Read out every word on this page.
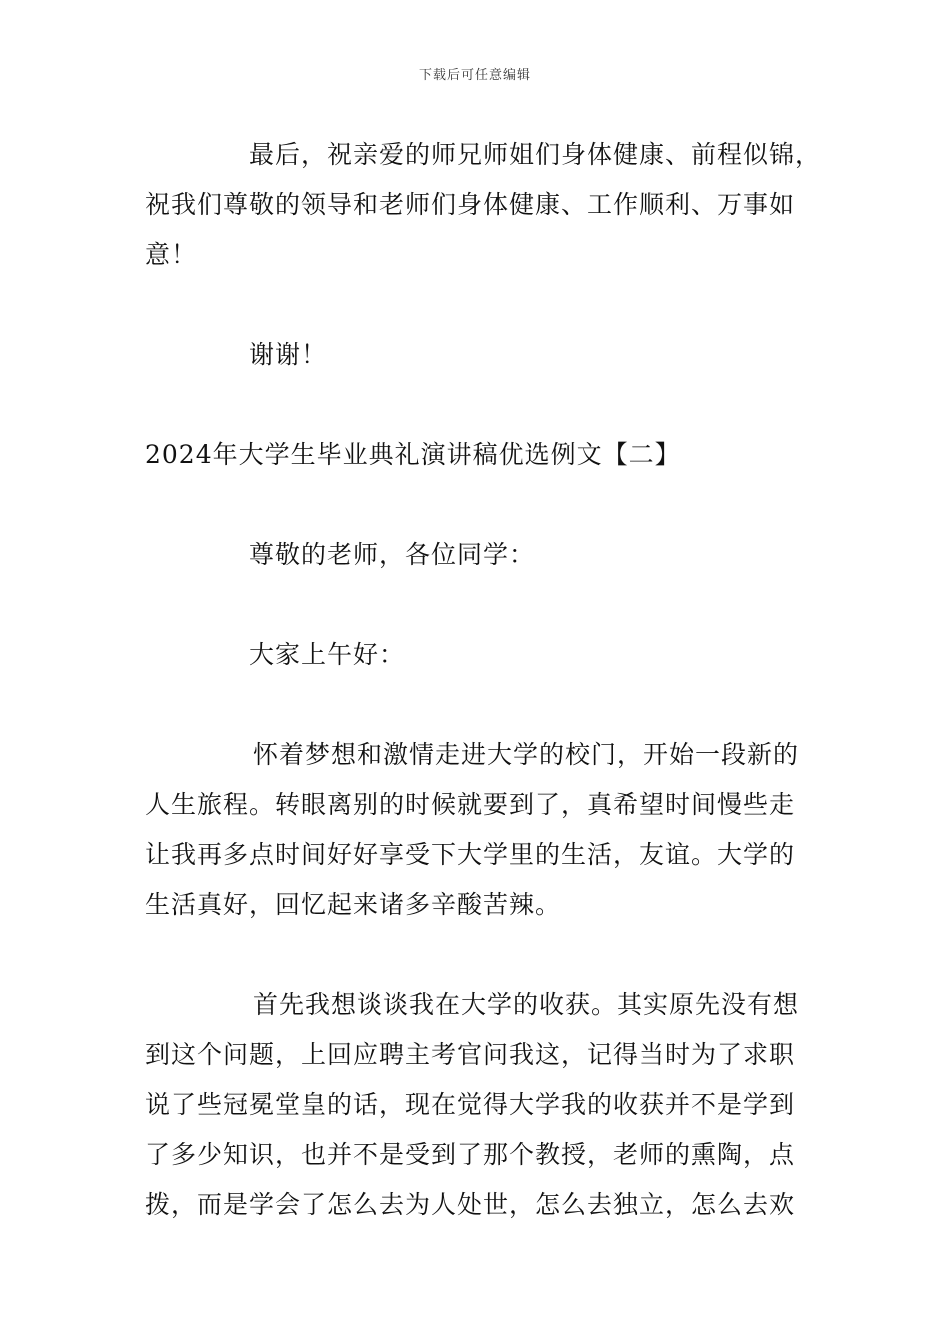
下载后可任意编辑

最后，祝亲爱的师兄师姐们身体健康、前程似锦，

祝我们尊敬的领导和老师们身体健康、工作顺利、万事如

意！

谢谢！

2024年大学生毕业典礼演讲稿优选例文【二】

尊敬的老师，各位同学：

大家上午好：

怀着梦想和激情走进大学的校门，开始一段新的

人生旅程。转眼离别的时候就要到了，真希望时间慢些走

让我再多点时间好好享受下大学里的生活，友谊。大学的

生活真好，回忆起来诸多辛酸苦辣。

首先我想谈谈我在大学的收获。其实原先没有想

到这个问题，上回应聘主考官问我这，记得当时为了求职

说了些冠冕堂皇的话，现在觉得大学我的收获并不是学到

了多少知识，也并不是受到了那个教授，老师的熏陶，点

拨，而是学会了怎么去为人处世，怎么去独立，怎么去欢
